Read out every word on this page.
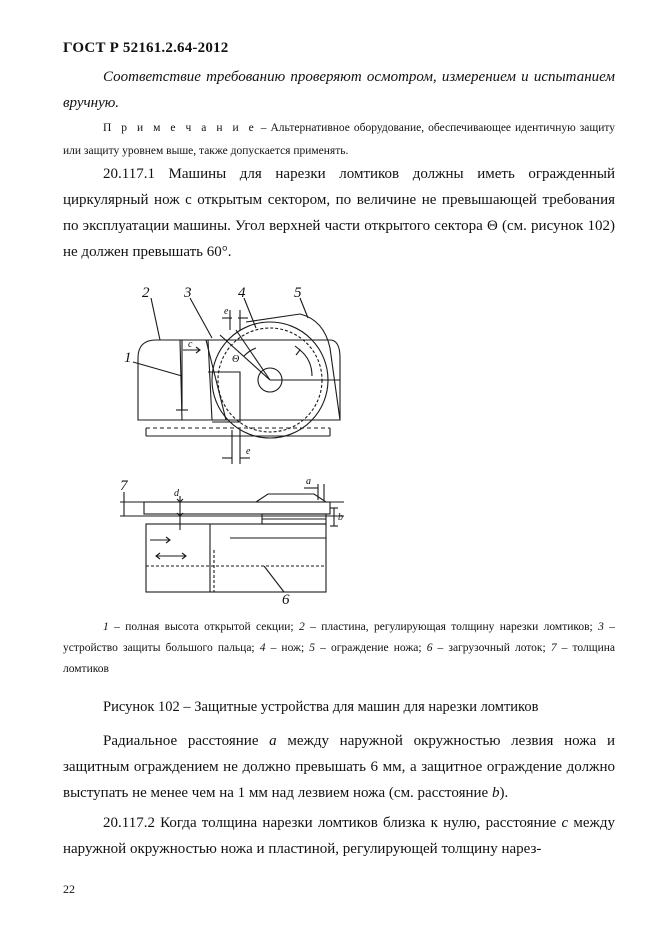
ГОСТ Р 52161.2.64-2012
Соответствие требованию проверяют осмотром, измерением и испытанием вручную.
П р и м е ч а н и е – Альтернативное оборудование, обеспечивающее идентичную защиту или защиту уровнем выше, также допускается применять.
20.117.1 Машины для нарезки ломтиков должны иметь огражденный циркулярный нож с открытым сектором, по величине не превышающей требования по эксплуатации машины. Угол верхней части открытого сектора Θ (см. рисунок 102) не должен превышать 60°.
2 3	4	5
1
7
6
c
e
e
Θ
a
b
d
1 – полная высота открытой секции; 2 – пластина, регулирующая толщину нарезки ломтиков; 3 – устройство защиты большого пальца; 4 – нож; 5 – ограждение ножа; 6 – загрузочный лоток; 7 – толщина ломтиков
Рисунок 102 – Защитные устройства для машин для нарезки ломтиков
Радиальное расстояние a между наружной окружностью лезвия ножа и защитным ограждением не должно превышать 6 мм, а защитное ограждение должно выступать не менее чем на 1 мм над лезвием ножа (см. расстояние b).
20.117.2 Когда толщина нарезки ломтиков близка к нулю, расстояние c между наружной окружностью ножа и пластиной, регулирующей толщину нарез-
22
